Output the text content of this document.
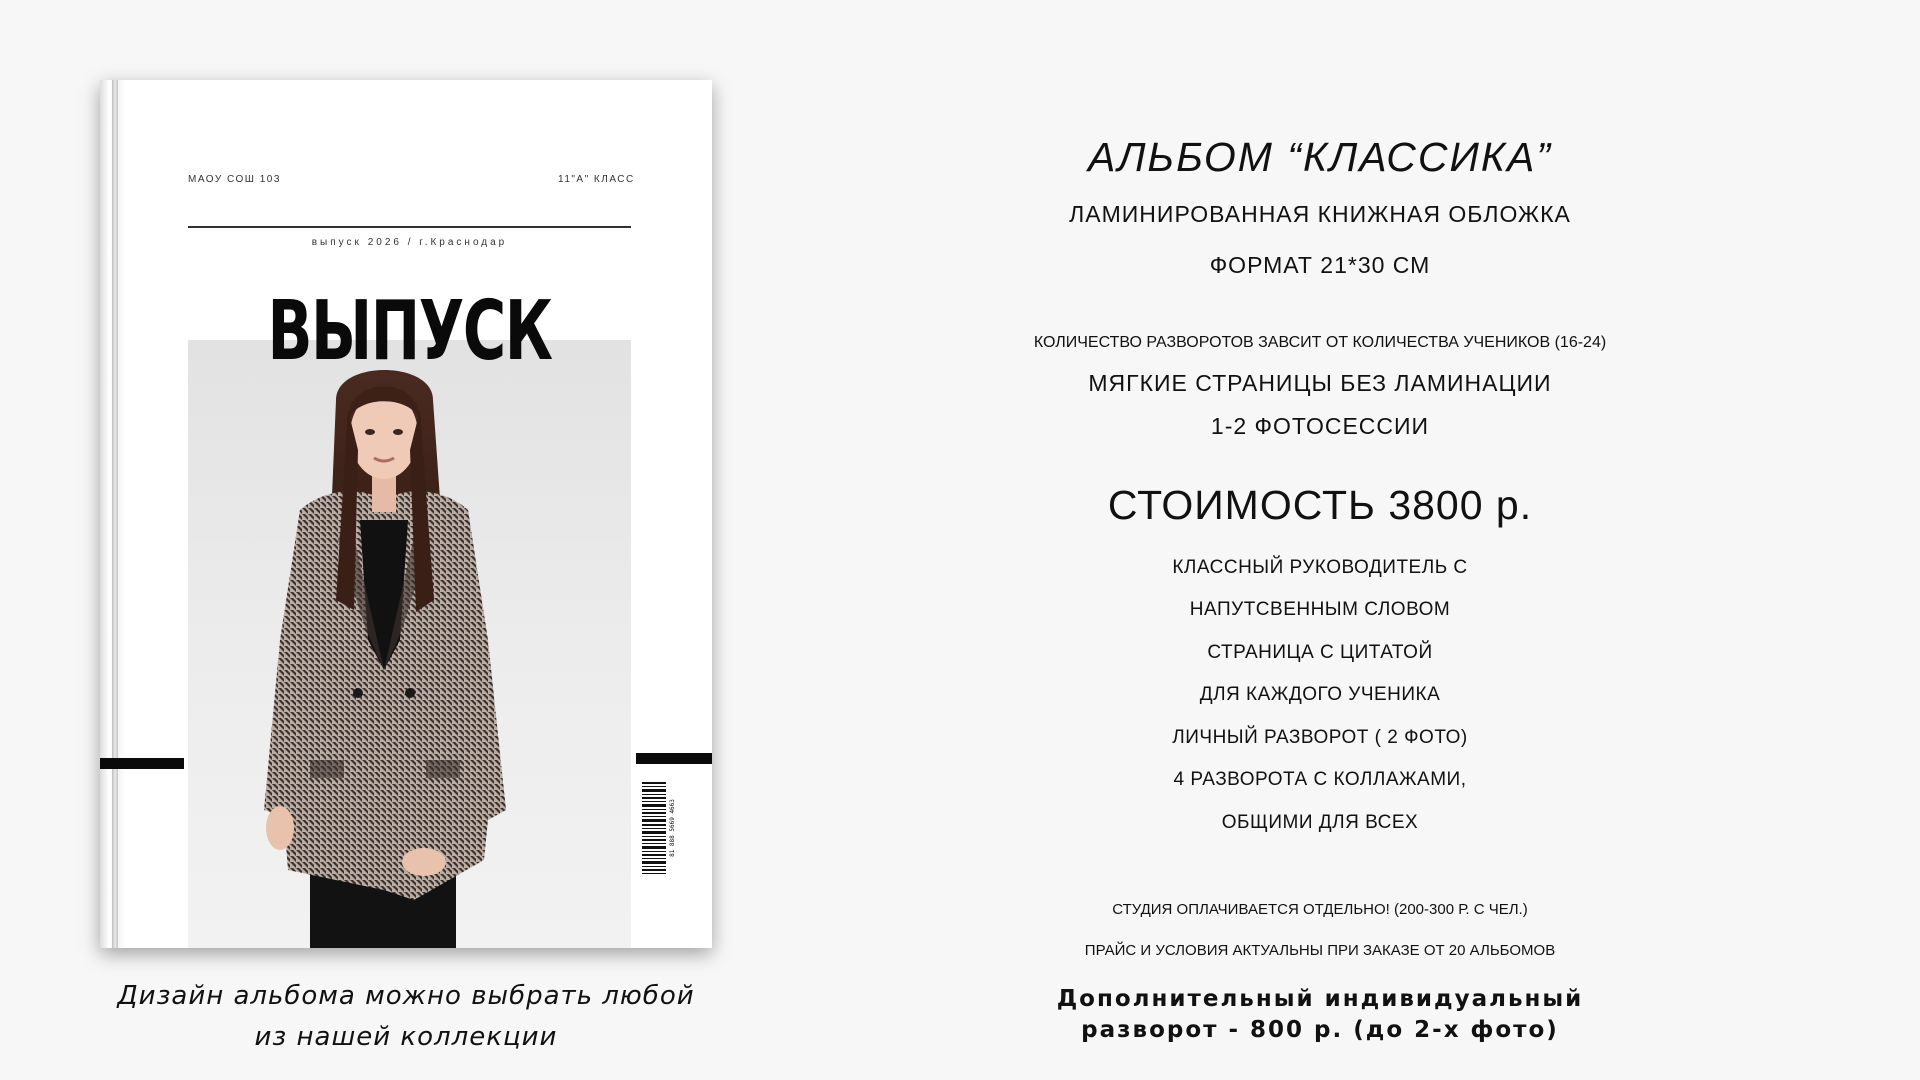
МАОУ СОШ 103	11"А" КЛАСС
выпуск 2026 / г.Краснодар
ВЫПУСК
81 888 5669 4663
Дизайн альбома можно выбрать любой
из нашей коллекции
АЛЬБОМ “КЛАССИКА”
ЛАМИНИРОВАННАЯ КНИЖНАЯ ОБЛОЖКА
ФОРМАТ 21*30 СМ
КОЛИЧЕСТВО РАЗВОРОТОВ ЗАВСИТ ОТ КОЛИЧЕСТВА УЧЕНИКОВ (16-24)
МЯГКИЕ СТРАНИЦЫ БЕЗ ЛАМИНАЦИИ
1-2 ФОТОСЕССИИ
СТОИМОСТЬ 3800 р.
КЛАССНЫЙ РУКОВОДИТЕЛЬ С
НАПУТСВЕННЫМ СЛОВОМ
СТРАНИЦА С ЦИТАТОЙ
ДЛЯ КАЖДОГО УЧЕНИКА
ЛИЧНЫЙ РАЗВОРОТ ( 2 ФОТО)
4 РАЗВОРОТА С КОЛЛАЖАМИ,
ОБЩИМИ ДЛЯ ВСЕХ
СТУДИЯ ОПЛАЧИВАЕТСЯ ОТДЕЛЬНО! (200-300 Р. С ЧЕЛ.)
ПРАЙС И УСЛОВИЯ АКТУАЛЬНЫ ПРИ ЗАКАЗЕ ОТ 20 АЛЬБОМОВ
Дополнительный индивидуальный
разворот - 800 р. (до 2-х фото)
